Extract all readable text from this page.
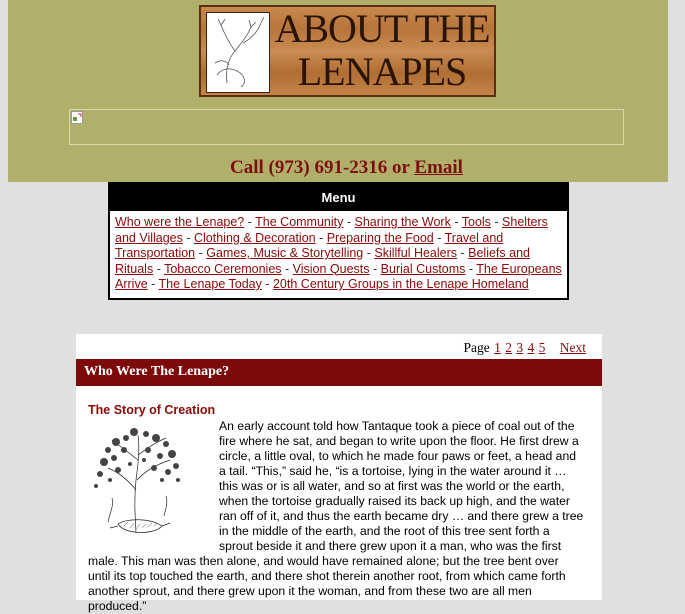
ABOUT THE
LENAPES
Call (973) 691-2316 or Email
Menu
Who were the Lenape? - The Community - Sharing the Work - Tools - Shelters and Villages - Clothing & Decoration - Preparing the Food - Travel and Transportation - Games, Music & Storytelling - Skillful Healers - Beliefs and Rituals - Tobacco Ceremonies - Vision Quests - Burial Customs - The Europeans Arrive - The Lenape Today - 20th Century Groups in the Lenape Homeland
Page 1 2 3 4 5 Next
Who Were The Lenape?
The Story of Creation
An early account told how Tantaque took a piece of coal out of the fire where he sat, and began to write upon the floor. He first drew a circle, a little oval, to which he made four paws or feet, a head and a tail. “This,” said he, “is a tortoise, lying in the water around it … this was or is all water, and so at first was the world or the earth, when the tortoise gradually raised its back up high, and the water ran off of it, and thus the earth became dry … and there grew a tree in the middle of the earth, and the root of this tree sent forth a sprout beside it and there grew upon it a man, who was the first male. This man was then alone, and would have remained alone; but the tree bent over until its top touched the earth, and there shot therein another root, from which came forth another sprout, and there grew upon it the woman, and from these two are all men produced.”
